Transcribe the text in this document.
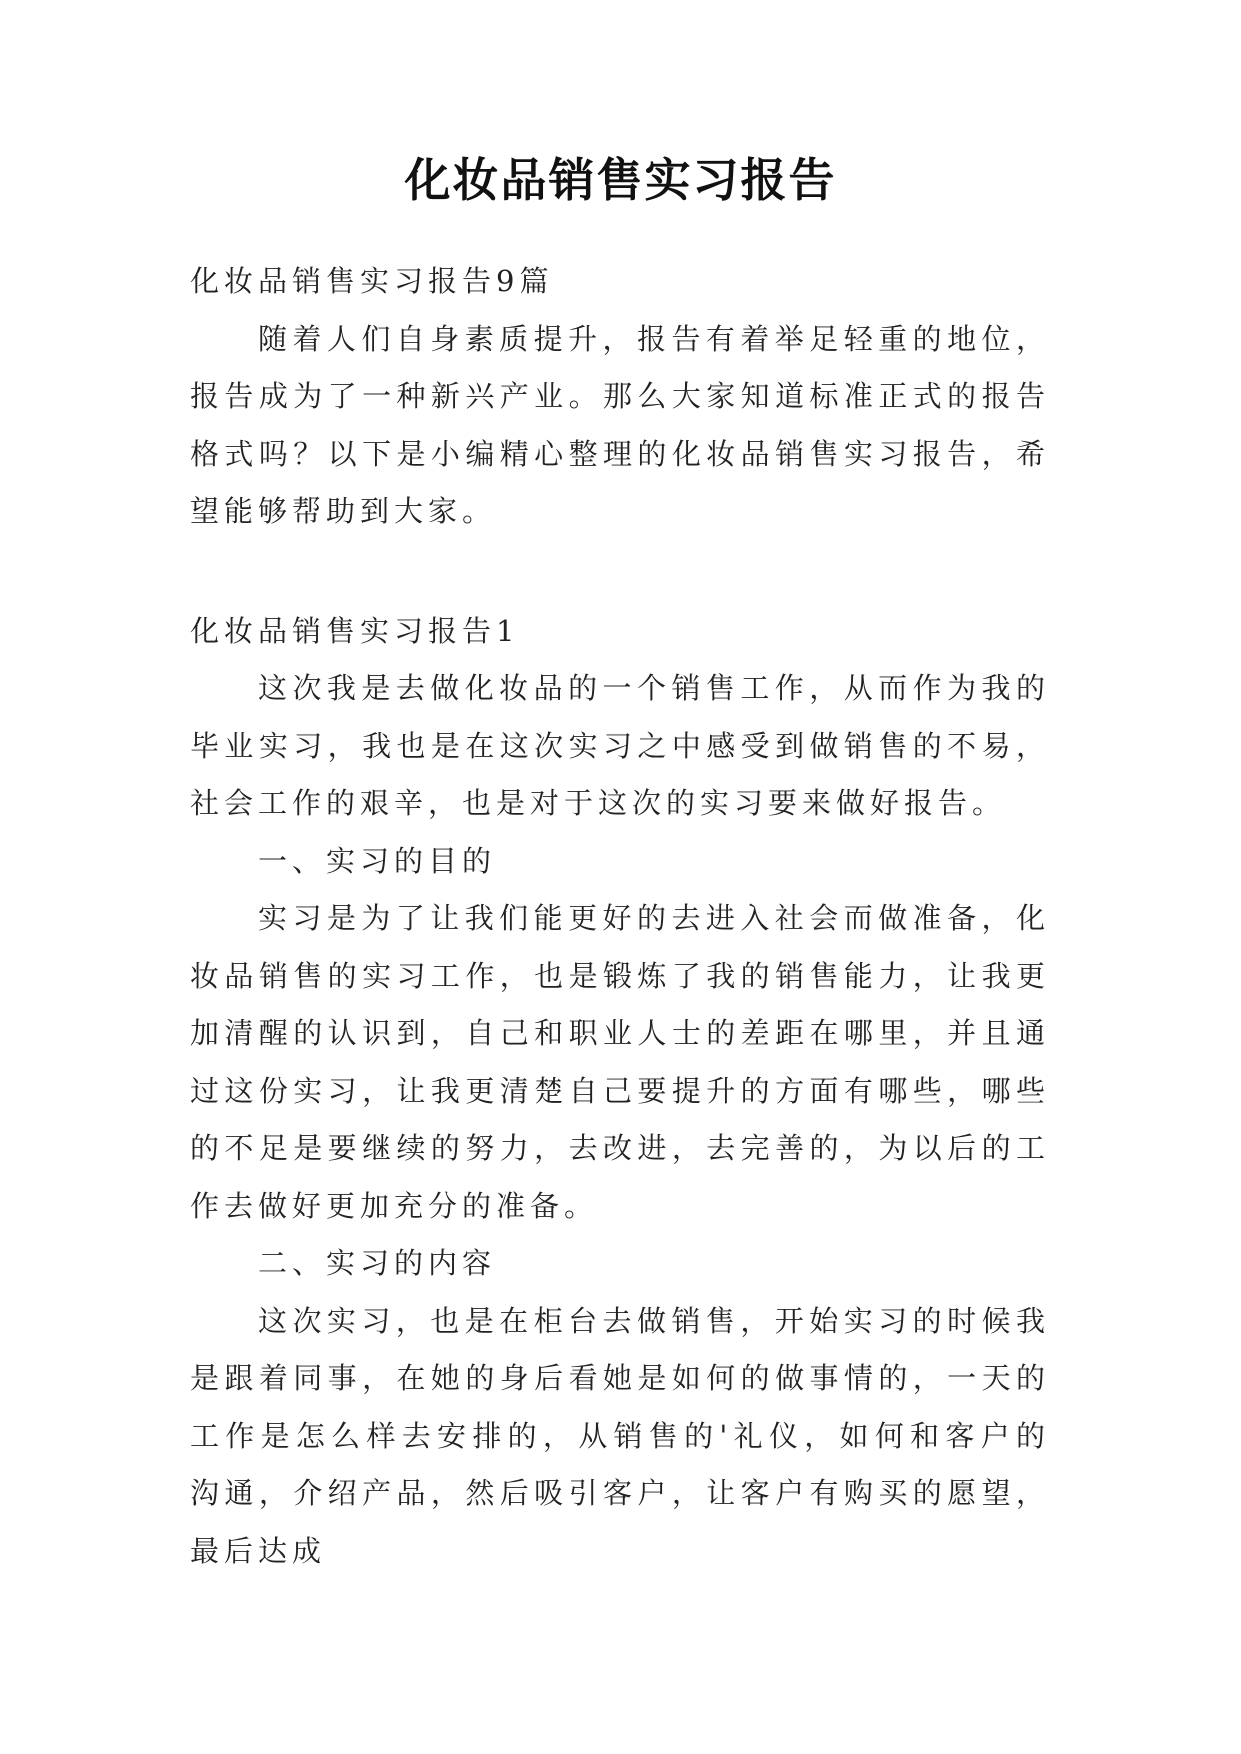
化妆品销售实习报告

化妆品销售实习报告9篇

随着人们自身素质提升，报告有着举足轻重的地位，报告成为了一种新兴产业。那么大家知道标准正式的报告格式吗？以下是小编精心整理的化妆品销售实习报告，希望能够帮助到大家。

化妆品销售实习报告1

这次我是去做化妆品的一个销售工作，从而作为我的毕业实习，我也是在这次实习之中感受到做销售的不易，社会工作的艰辛，也是对于这次的实习要来做好报告。

一、实习的目的

实习是为了让我们能更好的去进入社会而做准备，化妆品销售的实习工作，也是锻炼了我的销售能力，让我更加清醒的认识到，自己和职业人士的差距在哪里，并且通过这份实习，让我更清楚自己要提升的方面有哪些，哪些的不足是要继续的努力，去改进，去完善的，为以后的工作去做好更加充分的准备。

二、实习的内容

这次实习，也是在柜台去做销售，开始实习的时候我是跟着同事，在她的身后看她是如何的做事情的，一天的工作是怎么样去安排的，从销售的'礼仪，如何和客户的沟通，介绍产品，然后吸引客户，让客户有购买的愿望，最后达成
